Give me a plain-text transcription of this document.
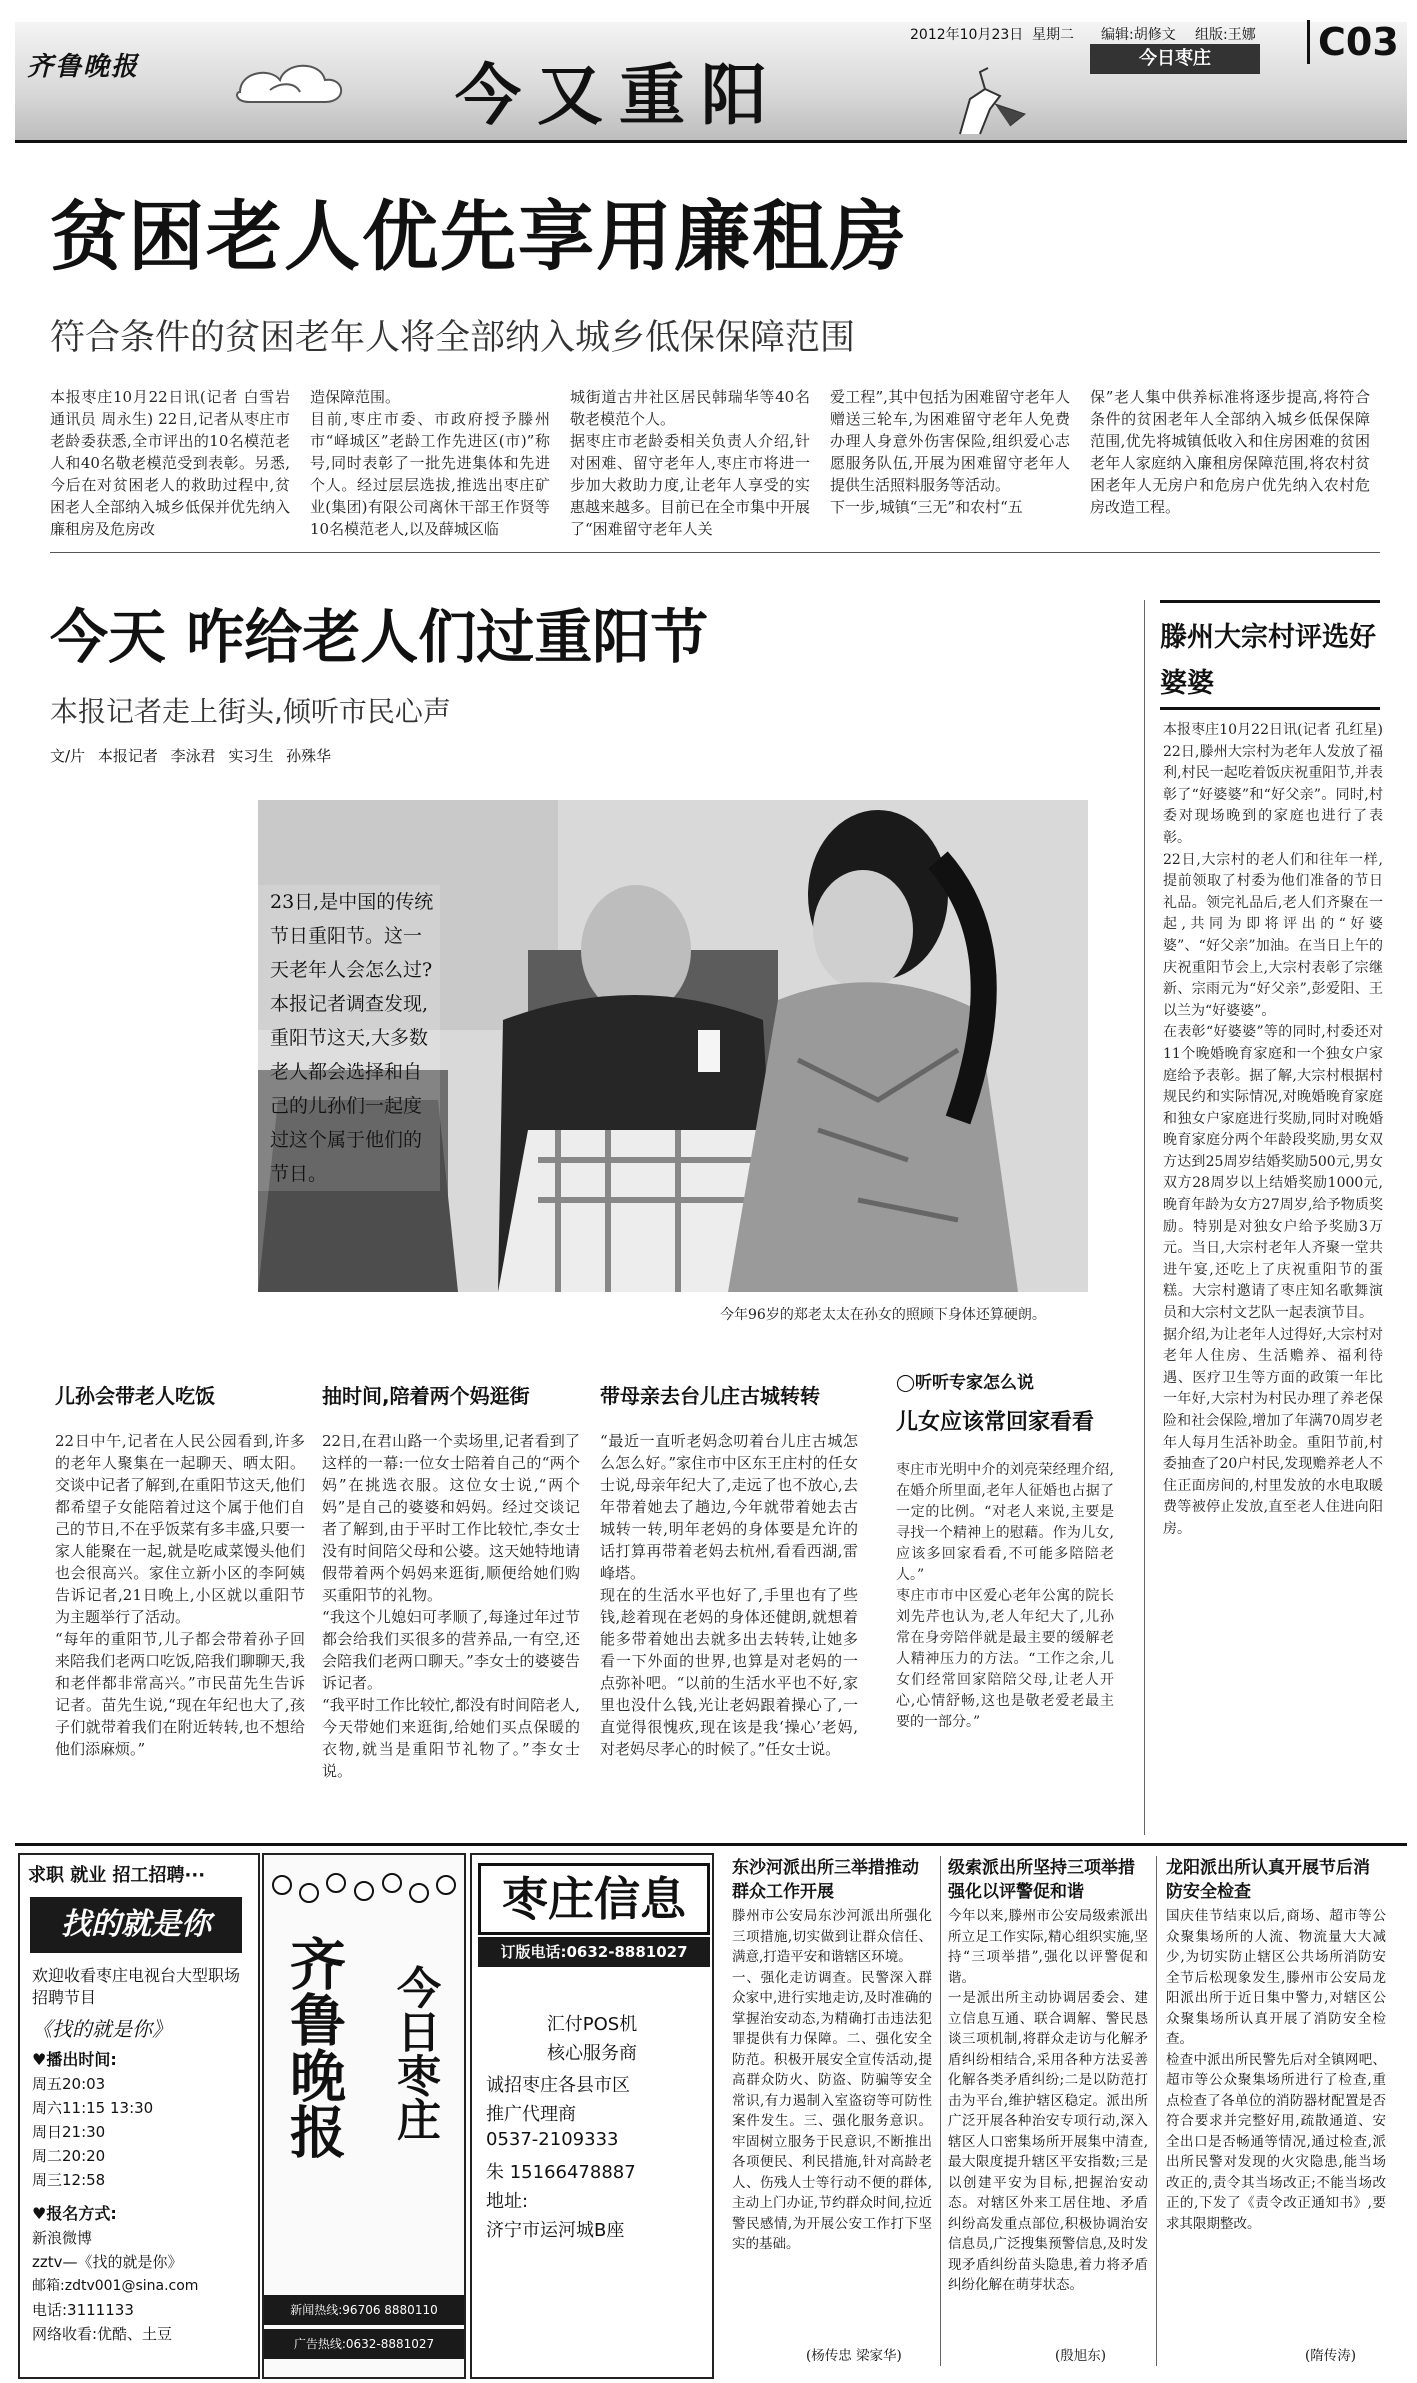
齐鲁晚报	今又重阳
2012年10月23日 星期二 编辑:胡修文 组版:王娜
今日枣庄	C03
贫困老人优先享用廉租房
符合条件的贫困老年人将全部纳入城乡低保保障范围
本报枣庄10月22日讯(记者 白雪岩 通讯员 周永生) 22日,记者从枣庄市老龄委获悉,全市评出的10名模范老人和40名敬老模范受到表彰。另悉,今后在对贫困老人的救助过程中,贫困老人全部纳入城乡低保并优先纳入廉租房及危房改
造保障范围。
目前,枣庄市委、市政府授予滕州市“峄城区”老龄工作先进区(市)”称号,同时表彰了一批先进集体和先进个人。经过层层选拔,推选出枣庄矿业(集团)有限公司离休干部王作贤等10名模范老人,以及薛城区临
城街道古井社区居民韩瑞华等40名敬老模范个人。
据枣庄市老龄委相关负责人介绍,针对困难、留守老年人,枣庄市将进一步加大救助力度,让老年人享受的实惠越来越多。目前已在全市集中开展了“困难留守老年人关
爱工程”,其中包括为困难留守老年人赠送三轮车,为困难留守老年人免费办理人身意外伤害保险,组织爱心志愿服务队伍,开展为困难留守老年人提供生活照料服务等活动。
下一步,城镇“三无”和农村“五
保”老人集中供养标准将逐步提高,将符合条件的贫困老年人全部纳入城乡低保保障范围,优先将城镇低收入和住房困难的贫困老年人家庭纳入廉租房保障范围,将农村贫困老年人无房户和危房户优先纳入农村危房改造工程。
今天 咋给老人们过重阳节
本报记者走上街头,倾听市民心声
文/片 本报记者 李泳君 实习生 孙殊华
23日,是中国的传统节日重阳节。这一天老年人会怎么过?本报记者调查发现,重阳节这天,大多数老人都会选择和自己的儿孙们一起度过这个属于他们的节日。
今年96岁的郑老太太在孙女的照顾下身体还算硬朗。
儿孙会带老人吃饭
22日中午,记者在人民公园看到,许多的老年人聚集在一起聊天、晒太阳。交谈中记者了解到,在重阳节这天,他们都希望子女能陪着过这个属于他们自己的节日,不在乎饭菜有多丰盛,只要一家人能聚在一起,就是吃咸菜馒头他们也会很高兴。家住立新小区的李阿姨告诉记者,21日晚上,小区就以重阳节为主题举行了活动。
“每年的重阳节,儿子都会带着孙子回来陪我们老两口吃饭,陪我们聊聊天,我和老伴都非常高兴。”市民苗先生告诉记者。苗先生说,“现在年纪也大了,孩子们就带着我们在附近转转,也不想给他们添麻烦。”
抽时间,陪着两个妈逛街
22日,在君山路一个卖场里,记者看到了这样的一幕:一位女士陪着自己的“两个妈”在挑选衣服。这位女士说,“两个妈”是自己的婆婆和妈妈。经过交谈记者了解到,由于平时工作比较忙,李女士没有时间陪父母和公婆。这天她特地请假带着两个妈妈来逛街,顺便给她们购买重阳节的礼物。
“我这个儿媳妇可孝顺了,每逢过年过节都会给我们买很多的营养品,一有空,还会陪我们老两口聊天。”李女士的婆婆告诉记者。
“我平时工作比较忙,都没有时间陪老人,今天带她们来逛街,给她们买点保暖的衣物,就当是重阳节礼物了。”李女士说。
带母亲去台儿庄古城转转
“最近一直听老妈念叨着台儿庄古城怎么怎么好。”家住市中区东王庄村的任女士说,母亲年纪大了,走远了也不放心,去年带着她去了趟边,今年就带着她去古城转一转,明年老妈的身体要是允许的话打算再带着老妈去杭州,看看西湖,雷峰塔。
现在的生活水平也好了,手里也有了些钱,趁着现在老妈的身体还健朗,就想着能多带着她出去就多出去转转,让她多看一下外面的世界,也算是对老妈的一点弥补吧。“以前的生活水平也不好,家里也没什么钱,光让老妈跟着操心了,一直觉得很愧疚,现在该是我‘操心’老妈,对老妈尽孝心的时候了。”任女士说。
◯听听专家怎么说
儿女应该常回家看看
枣庄市光明中介的刘亮荣经理介绍,在婚介所里面,老年人征婚也占据了一定的比例。“对老人来说,主要是寻找一个精神上的慰藉。作为儿女,应该多回家看看,不可能多陪陪老人。”
枣庄市市中区爱心老年公寓的院长刘先芹也认为,老人年纪大了,儿孙常在身旁陪伴就是最主要的缓解老人精神压力的方法。“工作之余,儿女们经常回家陪陪父母,让老人开心,心情舒畅,这也是敬老爱老最主要的一部分。”
滕州大宗村评选好婆婆
本报枣庄10月22日讯(记者 孔红星) 22日,滕州大宗村为老年人发放了福利,村民一起吃着饭庆祝重阳节,并表彰了“好婆婆”和“好父亲”。同时,村委对现场晚到的家庭也进行了表彰。
22日,大宗村的老人们和往年一样,提前领取了村委为他们准备的节日礼品。领完礼品后,老人们齐聚在一起,共同为即将评出的“好婆婆”、“好父亲”加油。在当日上午的庆祝重阳节会上,大宗村表彰了宗继新、宗雨元为“好父亲”,彭爱阳、王以兰为“好婆婆”。
在表彰“好婆婆”等的同时,村委还对11个晚婚晚育家庭和一个独女户家庭给予表彰。据了解,大宗村根据村规民约和实际情况,对晚婚晚育家庭和独女户家庭进行奖励,同时对晚婚晚育家庭分两个年龄段奖励,男女双方达到25周岁结婚奖励500元,男女双方28周岁以上结婚奖励1000元,晚育年龄为女方27周岁,给予物质奖励。特别是对独女户给予奖励3万元。当日,大宗村老年人齐聚一堂共进午宴,还吃上了庆祝重阳节的蛋糕。大宗村邀请了枣庄知名歌舞演员和大宗村文艺队一起表演节目。
据介绍,为让老年人过得好,大宗村对老年人住房、生活赡养、福利待遇、医疗卫生等方面的政策一年比一年好,大宗村为村民办理了养老保险和社会保险,增加了年满70周岁老年人每月生活补助金。重阳节前,村委抽查了20户村民,发现赡养老人不住正面房间的,村里发放的水电取暖费等被停止发放,直至老人住进向阳房。
求职 就业 招工招聘···
找的就是你
欢迎收看枣庄电视台大型职场招聘节目
《找的就是你》
♥播出时间:
周五20:03
周六11:15 13:30
周日21:30
周二20:20
周三12:58
♥报名方式:
新浪微博
zztv—《找的就是你》
邮箱:zdtv001@sina.com
电话:3111133
网络收看:优酷、土豆
齐鲁晚报 今日枣庄
新闻热线:96706 8880110
广告热线:0632-8881027
枣庄信息
订版电话:0632-8881027
汇付POS机
核心服务商
诚招枣庄各县市区
推广代理商
0537-2109333
朱 15166478887
地址:
济宁市运河城B座
东沙河派出所三举措推动群众工作开展
滕州市公安局东沙河派出所强化三项措施,切实做到让群众信任、满意,打造平安和谐辖区环境。
一、强化走访调查。民警深入群众家中,进行实地走访,及时准确的掌握治安动态,为精确打击违法犯罪提供有力保障。二、强化安全防范。积极开展安全宣传活动,提高群众防火、防盗、防骗等安全常识,有力遏制入室盗窃等可防性案件发生。三、强化服务意识。牢固树立服务于民意识,不断推出各项便民、利民措施,针对高龄老人、伤残人士等行动不便的群体,主动上门办证,节约群众时间,拉近警民感情,为开展公安工作打下坚实的基础。
(杨传忠 梁家华)
级索派出所坚持三项举措强化以评警促和谐
今年以来,滕州市公安局级索派出所立足工作实际,精心组织实施,坚持“三项举措”,强化以评警促和谐。
一是派出所主动协调居委会、建立信息互通、联合调解、警民恳谈三项机制,将群众走访与化解矛盾纠纷相结合,采用各种方法妥善化解各类矛盾纠纷;二是以防范打击为平台,维护辖区稳定。派出所广泛开展各种治安专项行动,深入辖区人口密集场所开展集中清查,最大限度提升辖区平安指数;三是以创建平安为目标,把握治安动态。对辖区外来工居住地、矛盾纠纷高发重点部位,积极协调治安信息员,广泛搜集预警信息,及时发现矛盾纠纷苗头隐患,着力将矛盾纠纷化解在萌芽状态。
(殷旭东)
龙阳派出所认真开展节后消防安全检查
国庆佳节结束以后,商场、超市等公众聚集场所的人流、物流量大大减少,为切实防止辖区公共场所消防安全节后松现象发生,滕州市公安局龙阳派出所于近日集中警力,对辖区公众聚集场所认真开展了消防安全检查。
检查中派出所民警先后对全镇网吧、超市等公众聚集场所进行了检查,重点检查了各单位的消防器材配置是否符合要求并完整好用,疏散通道、安全出口是否畅通等情况,通过检查,派出所民警对发现的火灾隐患,能当场改正的,责令其当场改正;不能当场改正的,下发了《责令改正通知书》,要求其限期整改。
(隋传涛)
